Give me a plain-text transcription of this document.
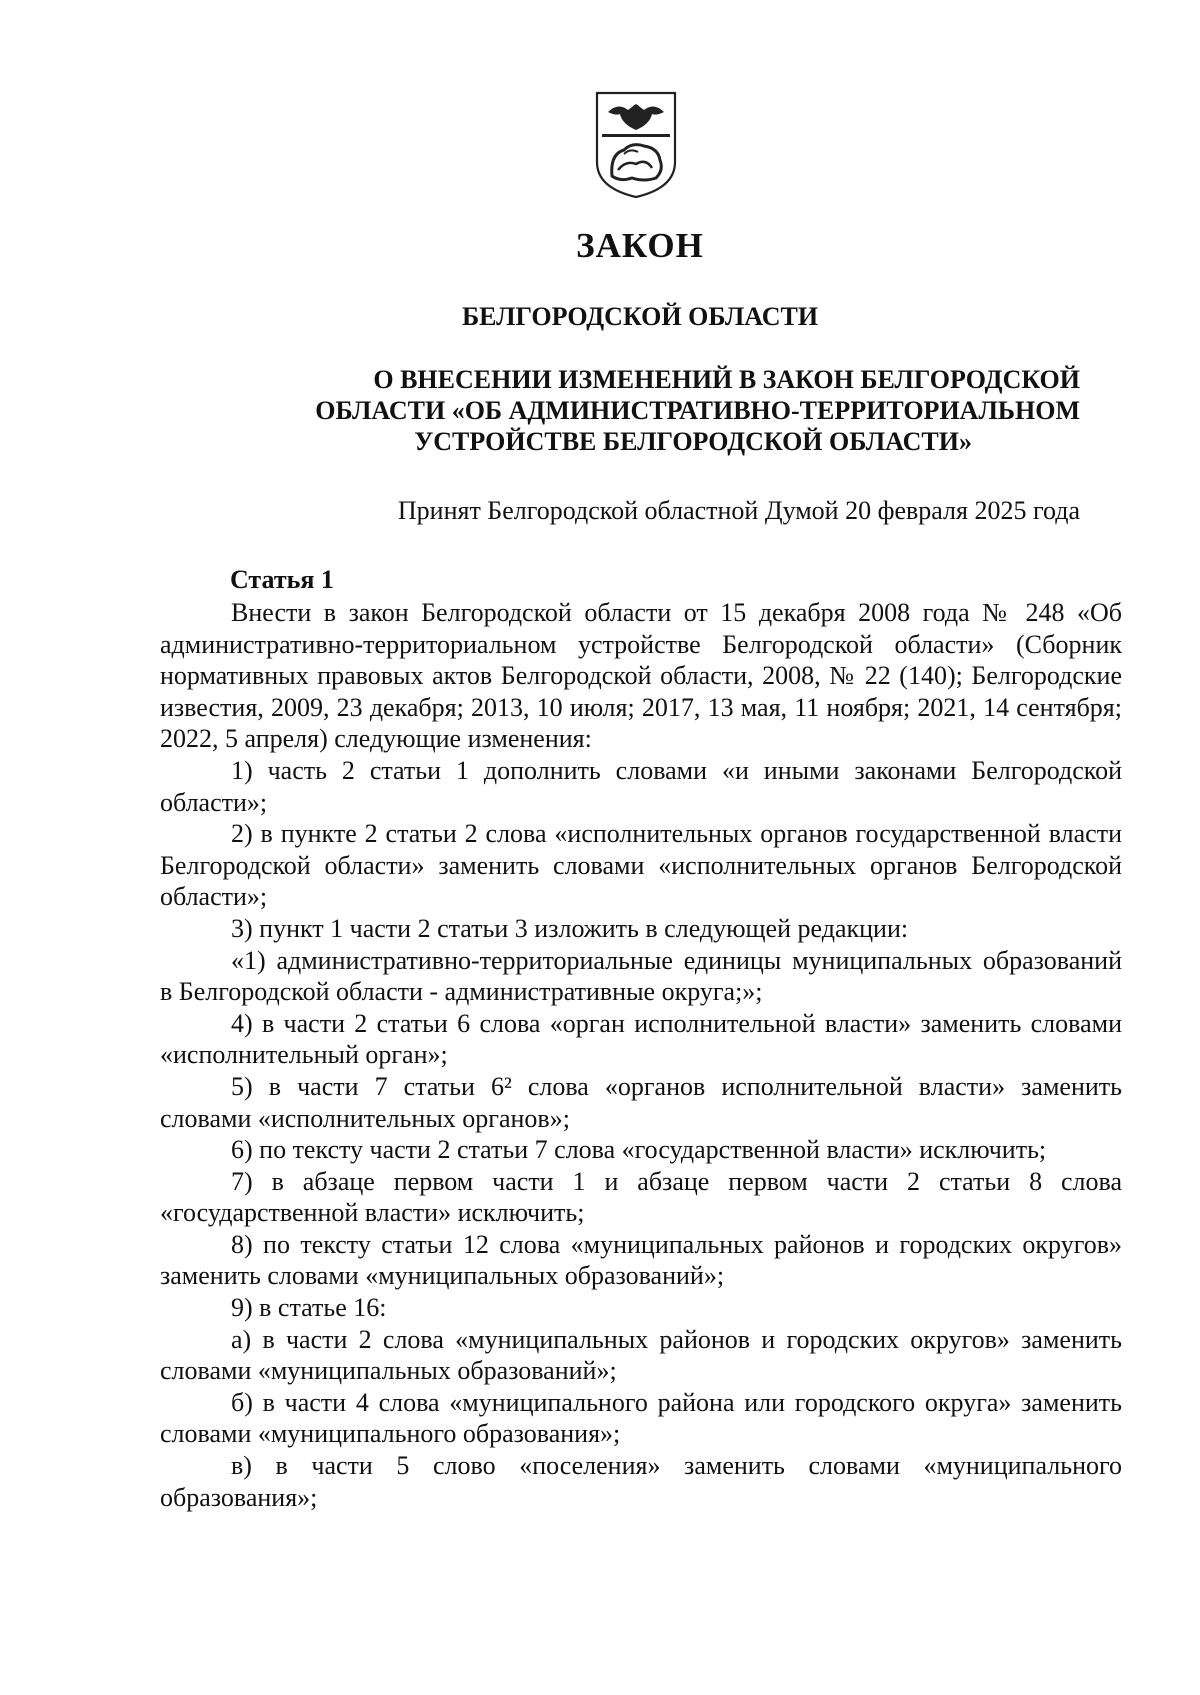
ЗАКОН
БЕЛГОРОДСКОЙ ОБЛАСТИ
О ВНЕСЕНИИ ИЗМЕНЕНИЙ В ЗАКОН БЕЛГОРОДСКОЙ
ОБЛАСТИ «ОБ АДМИНИСТРАТИВНО-ТЕРРИТОРИАЛЬНОМ
УСТРОЙСТВЕ БЕЛГОРОДСКОЙ ОБЛАСТИ»

Принят Белгородской областной Думой 20 февраля 2025 года

Статья 1

Внести в закон Белгородской области от 15 декабря 2008 года № 248 «Об административно-территориальном устройстве Белгородской области» (Сборник нормативных правовых актов Белгородской области, 2008, № 22 (140); Белгородские известия, 2009, 23 декабря; 2013, 10 июля; 2017, 13 мая, 11 ноября; 2021, 14 сентября; 2022, 5 апреля) следующие изменения:

1) часть 2 статьи 1 дополнить словами «и иными законами Белгородской области»;

2) в пункте 2 статьи 2 слова «исполнительных органов государственной власти Белгородской области» заменить словами «исполнительных органов Белгородской области»;

3) пункт 1 части 2 статьи 3 изложить в следующей редакции:

«1) административно-территориальные единицы муниципальных образований в Белгородской области - административные округа;»;

4) в части 2 статьи 6 слова «орган исполнительной власти» заменить словами «исполнительный орган»;

5) в части 7 статьи 6² слова «органов исполнительной власти» заменить словами «исполнительных органов»;

6) по тексту части 2 статьи 7 слова «государственной власти» исключить;

7) в абзаце первом части 1 и абзаце первом части 2 статьи 8 слова «государственной власти» исключить;

8) по тексту статьи 12 слова «муниципальных районов и городских округов» заменить словами «муниципальных образований»;

9) в статье 16:

а) в части 2 слова «муниципальных районов и городских округов» заменить словами «муниципальных образований»;

б) в части 4 слова «муниципального района или городского округа» заменить словами «муниципального образования»;

в) в части 5 слово «поселения» заменить словами «муниципального образования»;
